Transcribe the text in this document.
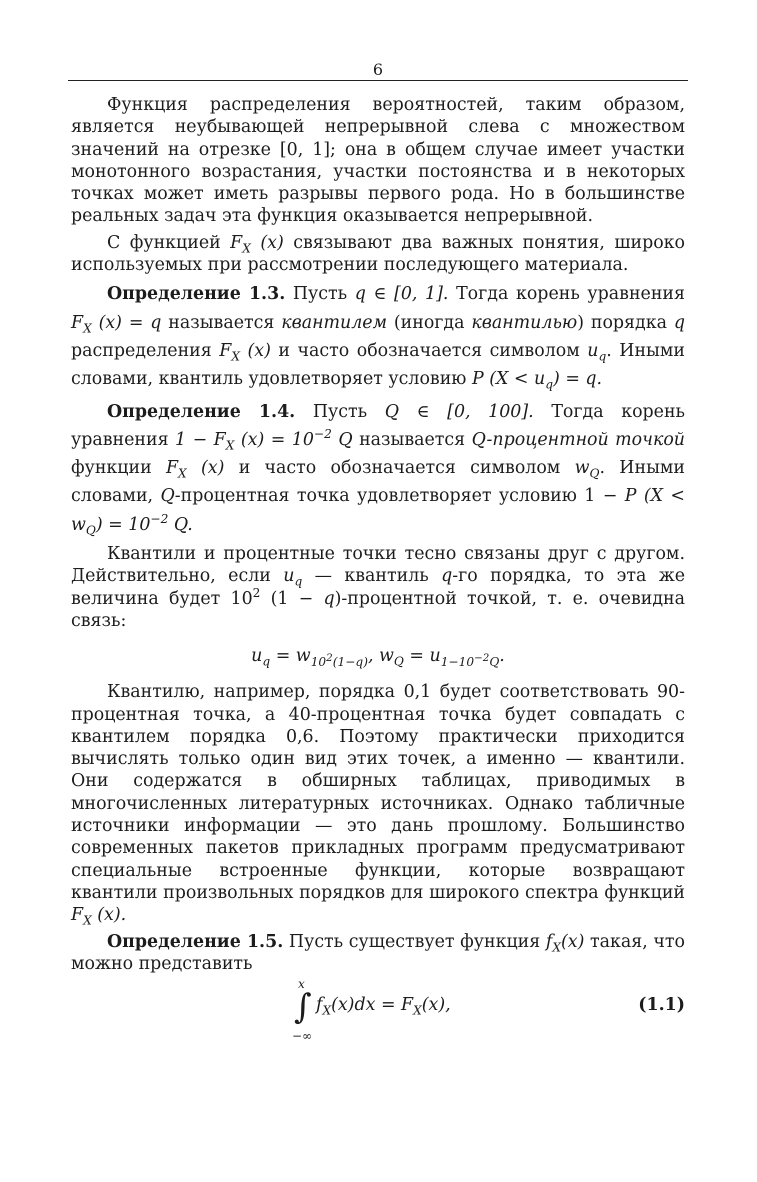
6

Функция распределения вероятностей, таким образом, является неубывающей непрерывной слева с множеством значений на отрезке [0, 1]; она в общем случае имеет участки монотонного возрастания, участки постоянства и в некоторых точках может иметь разрывы первого рода. Но в большинстве реальных задач эта функция оказывается непрерывной.

С функцией $F_X$ (x) связывают два важных понятия, широко используемых при рассмотрении последующего материала.

Определение 1.3. Пусть q ∈ [0, 1]. Тогда корень уравнения $F_X$ (x) = q называется квантилем (иногда квантилью) порядка q распределения $F_X$ (x) и часто обозначается символом $u_q$. Иными словами, квантиль удовлетворяет условию P $(X < u_q) = q$.

Определение 1.4. Пусть Q ∈ [0, 100]. Тогда корень уравнения $1 - F_X$ $(x) = 10^{-2}$ Q называется Q-процентной точкой функции $F_X$ (x) и часто обозначается символом $w_Q$. Иными словами, Q-процентная точка удовлетворяет условию 1 − P $(X < w_Q) = 10^{-2}$ Q.

Квантили и процентные точки тесно связаны друг с другом. Действительно, если $u_q$ — квантиль q-го порядка, то эта же величина будет $10^2$ (1 − q)-процентной точкой, т. е. очевидна связь:

$u_q = w_{10^2(1-q)}$, $w_Q = u_{1-10^{-2}Q}$.

Квантилю, например, порядка 0,1 будет соответствовать 90-процентная точка, а 40-процентная точка будет совпадать с квантилем порядка 0,6. Поэтому практически приходится вычислять только один вид этих точек, а именно — квантили. Они содержатся в обширных таблицах, приводимых в многочисленных литературных источниках. Однако табличные источники информации — это дань прошлому. Большинство современных пакетов прикладных программ предусматривают специальные встроенные функции, которые возвращают квантили произвольных порядков для широкого спектра функций $F_X$ (x).

Определение 1.5. Пусть существует функция $f_X(x)$ такая, что можно представить

x
∫
−∞
$f_X(x)dx = F_X(x)$,	(1.1)
